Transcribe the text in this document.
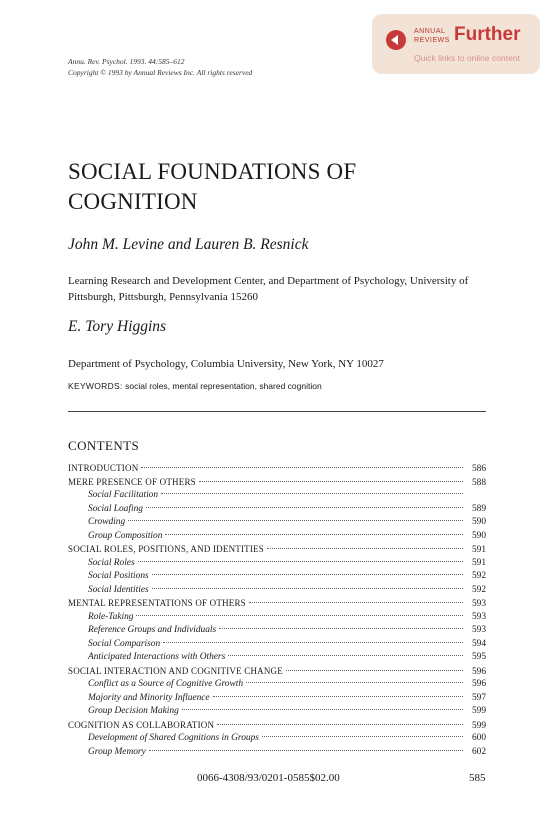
ANNUAL
REVIEWS Further
Quick links to online content
Annu. Rev. Psychol. 1993. 44:585–612
Copyright © 1993 by Annual Reviews Inc. All rights reserved
SOCIAL FOUNDATIONS OF
COGNITION
John M. Levine and Lauren B. Resnick
Learning Research and Development Center, and Department of Psychology, University of Pittsburgh, Pittsburgh, Pennsylvania 15260
E. Tory Higgins
Department of Psychology, Columbia University, New York, NY 10027
KEYWORDS: social roles, mental representation, shared cognition
CONTENTS
INTRODUCTION	586
MERE PRESENCE OF OTHERS	588
Social Facilitation
Social Loafing	589
Crowding	590
Group Composition	590
SOCIAL ROLES, POSITIONS, AND IDENTITIES	591
Social Roles	591
Social Positions	592
Social Identities	592
MENTAL REPRESENTATIONS OF OTHERS	593
Role-Taking	593
Reference Groups and Individuals	593
Social Comparison	594
Anticipated Interactions with Others	595
SOCIAL INTERACTION AND COGNITIVE CHANGE	596
Conflict as a Source of Cognitive Growth	596
Majority and Minority Influence	597
Group Decision Making	599
COGNITION AS COLLABORATION	599
Development of Shared Cognitions in Groups	600
Group Memory	602
0066-4308/93/0201-0585$02.00	585
